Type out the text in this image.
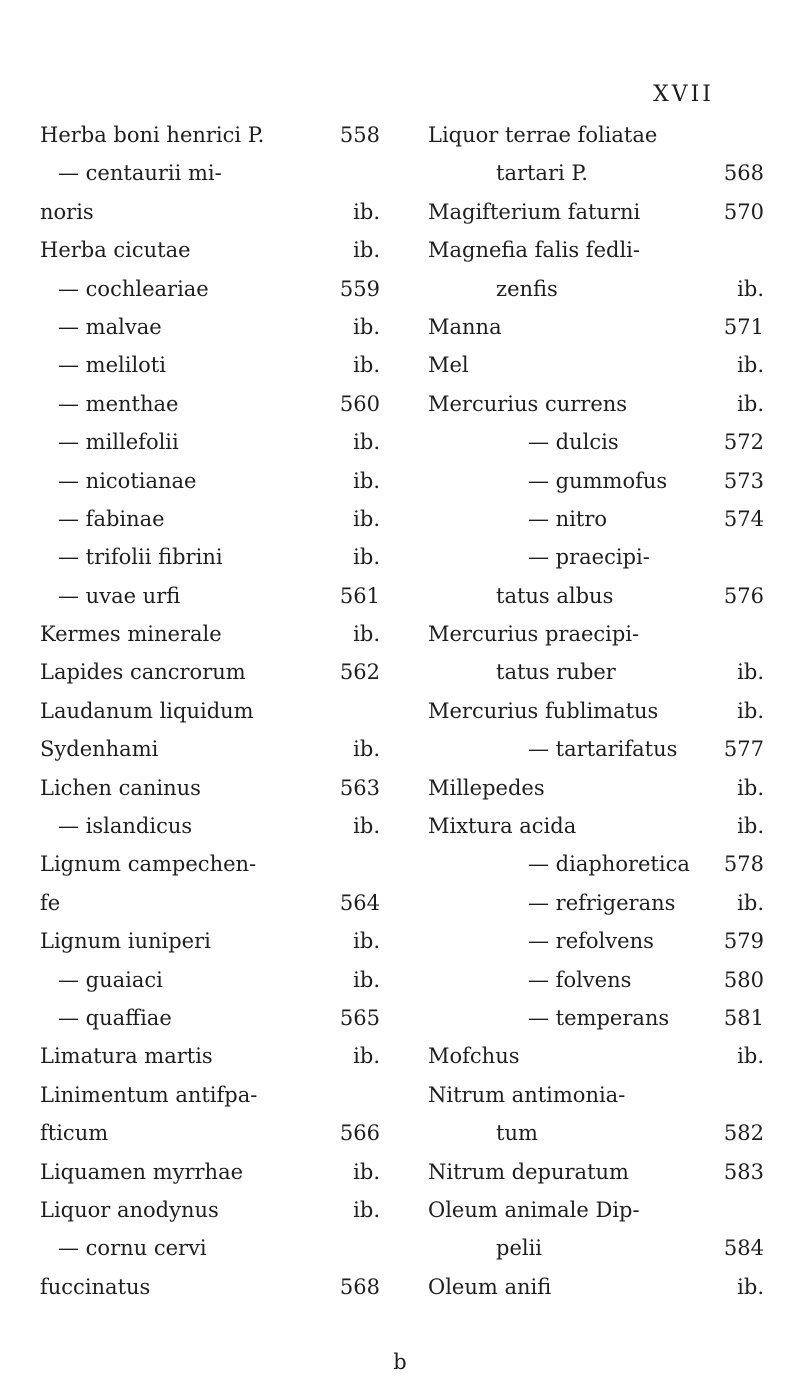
XVII
Herba boni henrici P.	558
— centaurii mi-
noris	ib.
Herba cicutae	ib.
— cochleariae	559
— malvae	ib.
— meliloti	ib.
— menthae	560
— millefolii	ib.
— nicotianae	ib.
— fabinae	ib.
— trifolii fibrini	ib.
— uvae urfi	561
Kermes minerale	ib.
Lapides cancrorum	562
Laudanum liquidum
Sydenhami	ib.
Lichen caninus	563
— islandicus	ib.
Lignum campechen-
fe	564
Lignum iuniperi	ib.
— guaiaci	ib.
— quaffiae	565
Limatura martis	ib.
Linimentum antifpa-
fticum	566
Liquamen myrrhae	ib.
Liquor anodynus	ib.
— cornu cervi
fuccinatus	568
Liquor terrae foliatae
tartari P.	568
Magifterium faturni	570
Magnefia falis fedli-
zenfis	ib.
Manna	571
Mel	ib.
Mercurius currens	ib.
— dulcis	572
— gummofus	573
— nitro	574
— praecipi-
tatus albus	576
Mercurius praecipi-
tatus ruber	ib.
Mercurius fublimatus	ib.
— tartarifatus	577
Millepedes	ib.
Mixtura acida	ib.
— diaphoretica	578
— refrigerans	ib.
— refolvens	579
— folvens	580
— temperans	581
Mofchus	ib.
Nitrum antimonia-
tum	582
Nitrum depuratum	583
Oleum animale Dip-
pelii	584
Oleum anifi	ib.
b
